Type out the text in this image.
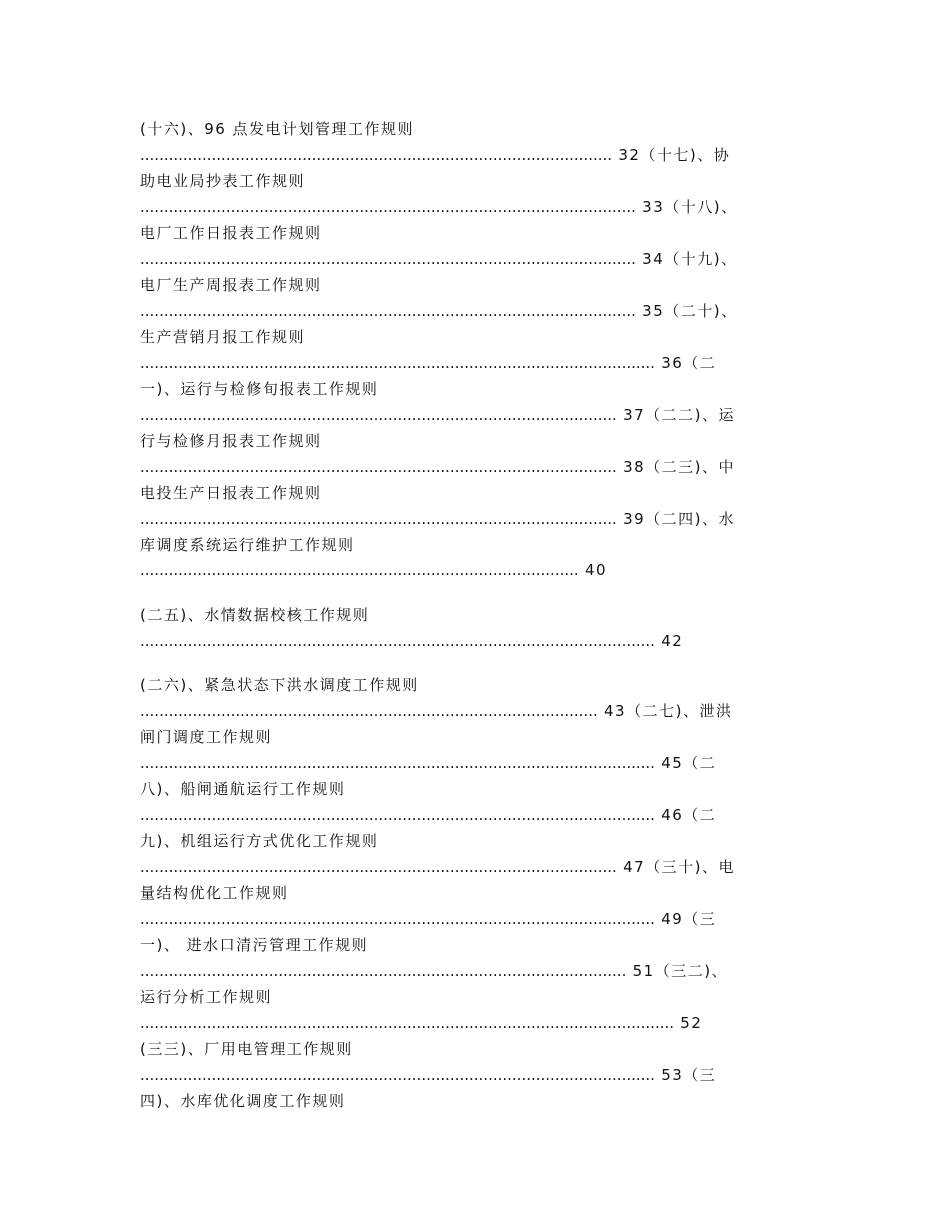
(十六)、96 点发电计划管理工作规则
................................................................................................... 32（十七)、协
助电业局抄表工作规则
........................................................................................................ 33（十八)、
电厂工作日报表工作规则
........................................................................................................ 34（十九)、
电厂生产周报表工作规则
........................................................................................................ 35（二十)、
生产营销月报工作规则
............................................................................................................ 36（二
一)、运行与检修旬报表工作规则
.................................................................................................... 37（二二)、运
行与检修月报表工作规则
.................................................................................................... 38（二三)、中
电投生产日报表工作规则
.................................................................................................... 39（二四)、水
库调度系统运行维护工作规则
............................................................................................ 40
(二五)、水情数据校核工作规则
............................................................................................................ 42
(二六)、紧急状态下洪水调度工作规则
................................................................................................ 43（二七)、泄洪
闸门调度工作规则
............................................................................................................ 45（二
八)、船闸通航运行工作规则
............................................................................................................ 46（二
九)、机组运行方式优化工作规则
.................................................................................................... 47（三十)、电
量结构优化工作规则
............................................................................................................ 49（三
一)、 进水口清污管理工作规则
...................................................................................................... 51（三二)、
运行分析工作规则
................................................................................................................ 52
(三三)、厂用电管理工作规则
............................................................................................................ 53（三
四)、水库优化调度工作规则
